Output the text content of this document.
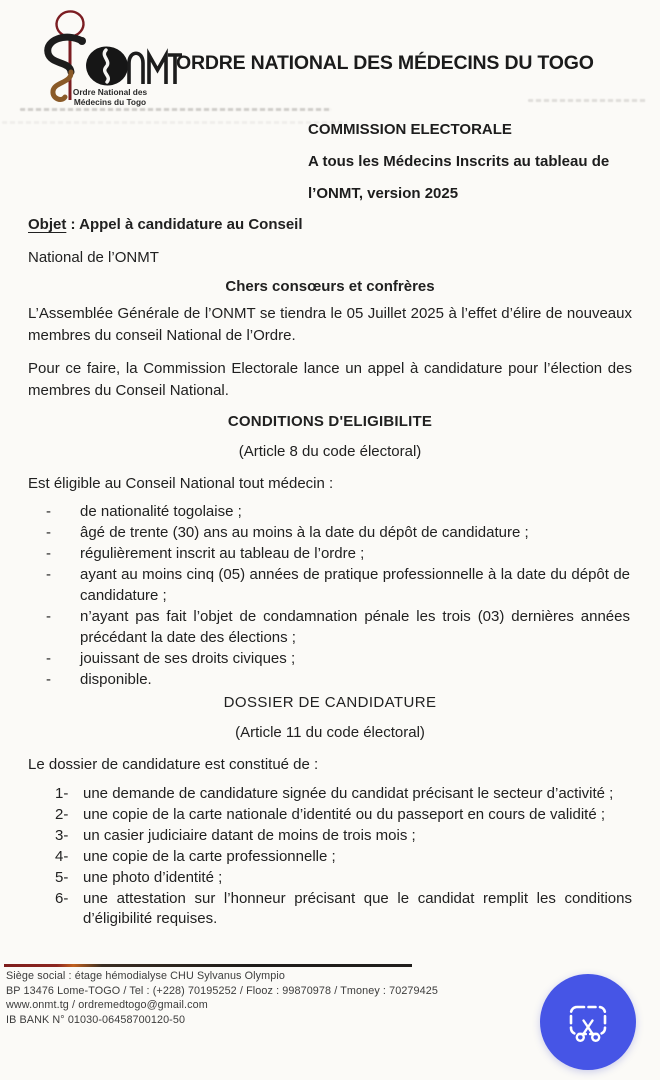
Ordre National des
Médecins du Togo
ORDRE NATIONAL DES MÉDECINS DU TOGO
COMMISSION ELECTORALE
A tous les Médecins Inscrits au tableau de
l’ONMT, version 2025
Objet : Appel à candidature au Conseil
National de l’ONMT
Chers consœurs et confrères
L’Assemblée Générale de l’ONMT se tiendra le 05 Juillet 2025 à l’effet d’élire de nouveaux membres du conseil National de l’Ordre.
Pour ce faire, la Commission Electorale lance un appel à candidature pour l’élection des membres du Conseil National.
CONDITIONS D'ELIGIBILITE
(Article 8 du code électoral)
Est éligible au Conseil National tout médecin :
-	de nationalité togolaise ;
-	âgé de trente (30) ans au moins à la date du dépôt de candidature ;
-	régulièrement inscrit au tableau de l’ordre ;
-	ayant au moins cinq (05) années de pratique professionnelle à la date du dépôt de candidature ;
-	n’ayant pas fait l’objet de condamnation pénale les trois (03) dernières années précédant la date des élections ;
-	jouissant de ses droits civiques ;
-	disponible.
DOSSIER DE CANDIDATURE
(Article 11 du code électoral)
Le dossier de candidature est constitué de :
1- une demande de candidature signée du candidat précisant le secteur d’activité ;
2- une copie de la carte nationale d’identité ou du passeport en cours de validité ;
3- un casier judiciaire datant de moins de trois mois ;
4- une copie de la carte professionnelle ;
5- une photo d’identité ;
6- une attestation sur l’honneur précisant que le candidat remplit les conditions d’éligibilité requises.
Siège social : étage hémodialyse CHU Sylvanus Olympio
BP 13476 Lome-TOGO / Tel : (+228) 70195252 / Flooz : 99870978 / Tmoney : 70279425
www.onmt.tg / ordremedtogo@gmail.com
IB BANK N° 01030-06458700120-50
